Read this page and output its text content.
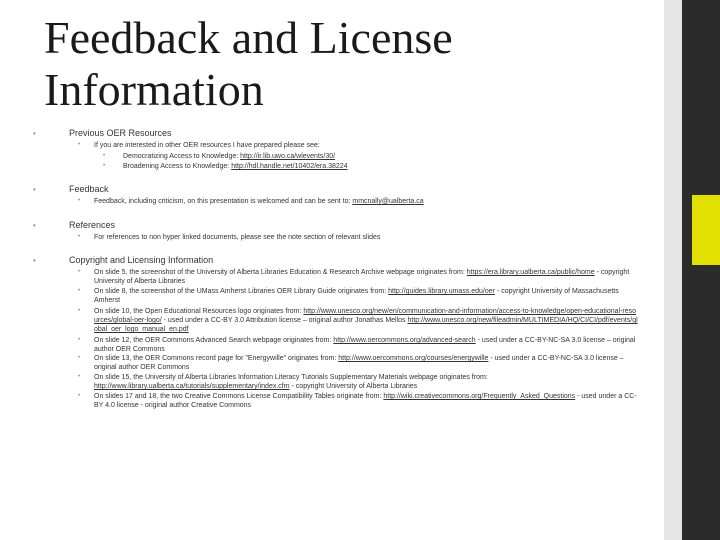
Feedback and License
Information
•	Previous OER Resources
•	If you are interested in other OER resources I have prepared please see:
•	Democratizing Access to Knowledge: http://ir.lib.uwo.ca/wlevents/30/
•	Broadening Access to Knowledge: http://hdl.handle.net/10402/era.38224
•	Feedback
•	Feedback, including criticism, on this presentation is welcomed and can be sent to: mmcnally@ualberta.ca
•	References
•	For references to non hyper linked documents, please see the note section of relevant slides
•	Copyright and Licensing Information
•	On slide 5, the screenshot of the University of Alberta Libraries Education & Research Archive webpage originates from: https://era.library.ualberta.ca/public/home - copyright University of Alberta Libraries
•	On slide 8, the screenshot of the UMass Amherst Libraries OER Library Guide originates from: http://guides.library.umass.edu/oer - copyright University of Massachusetts Amherst
•	On slide 10, the Open Educational Resources logo originates from: http://www.unesco.org/new/en/communication-and-information/access-to-knowledge/open-educational-resources/global-oer-logo/ - used under a CC-BY 3.0 Attribution license – original author Jonathas Mellos http://www.unesco.org/new/fileadmin/MULTIMEDIA/HQ/CI/CI/pdf/events/global_oer_logo_manual_en.pdf
•	On slide 12, the OER Commons Advanced Search webpage originates from: http://www.oercommons.org/advanced-search - used under a CC-BY-NC-SA 3.0 license – original author OER Commons
•	On slide 13, the OER Commons record page for "Energywille" originates from: http://www.oercommons.org/courses/energywille - used under a CC-BY-NC-SA 3.0 license – original author OER Commons
•	On slide 15, the University of Alberta Libraries Information Literacy Tutorials Supplementary Materials webpage originates from: http://www.library.ualberta.ca/tutorials/supplementary/index.cfm - copyright University of Alberta Libraries
•	On slides 17 and 18, the two Creative Commons License Compatibility Tables originate from: http://wiki.creativecommons.org/Frequently_Asked_Questions - used under a CC-BY 4.0 license - original author Creative Commons
